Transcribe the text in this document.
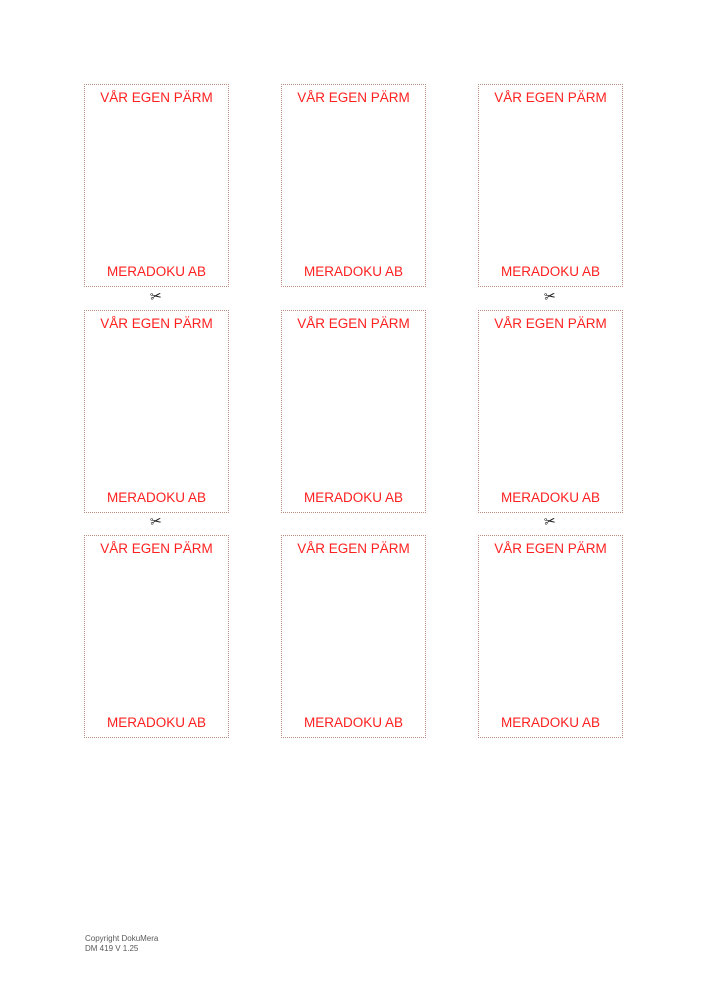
VÅR EGEN PÄRM
MERADOKU AB
VÅR EGEN PÄRM
MERADOKU AB
VÅR EGEN PÄRM
MERADOKU AB
✂	✂
VÅR EGEN PÄRM
MERADOKU AB
VÅR EGEN PÄRM
MERADOKU AB
VÅR EGEN PÄRM
MERADOKU AB
✂	✂
VÅR EGEN PÄRM
MERADOKU AB
VÅR EGEN PÄRM
MERADOKU AB
VÅR EGEN PÄRM
MERADOKU AB
Copyright DokuMera
DM 419 V 1.25
